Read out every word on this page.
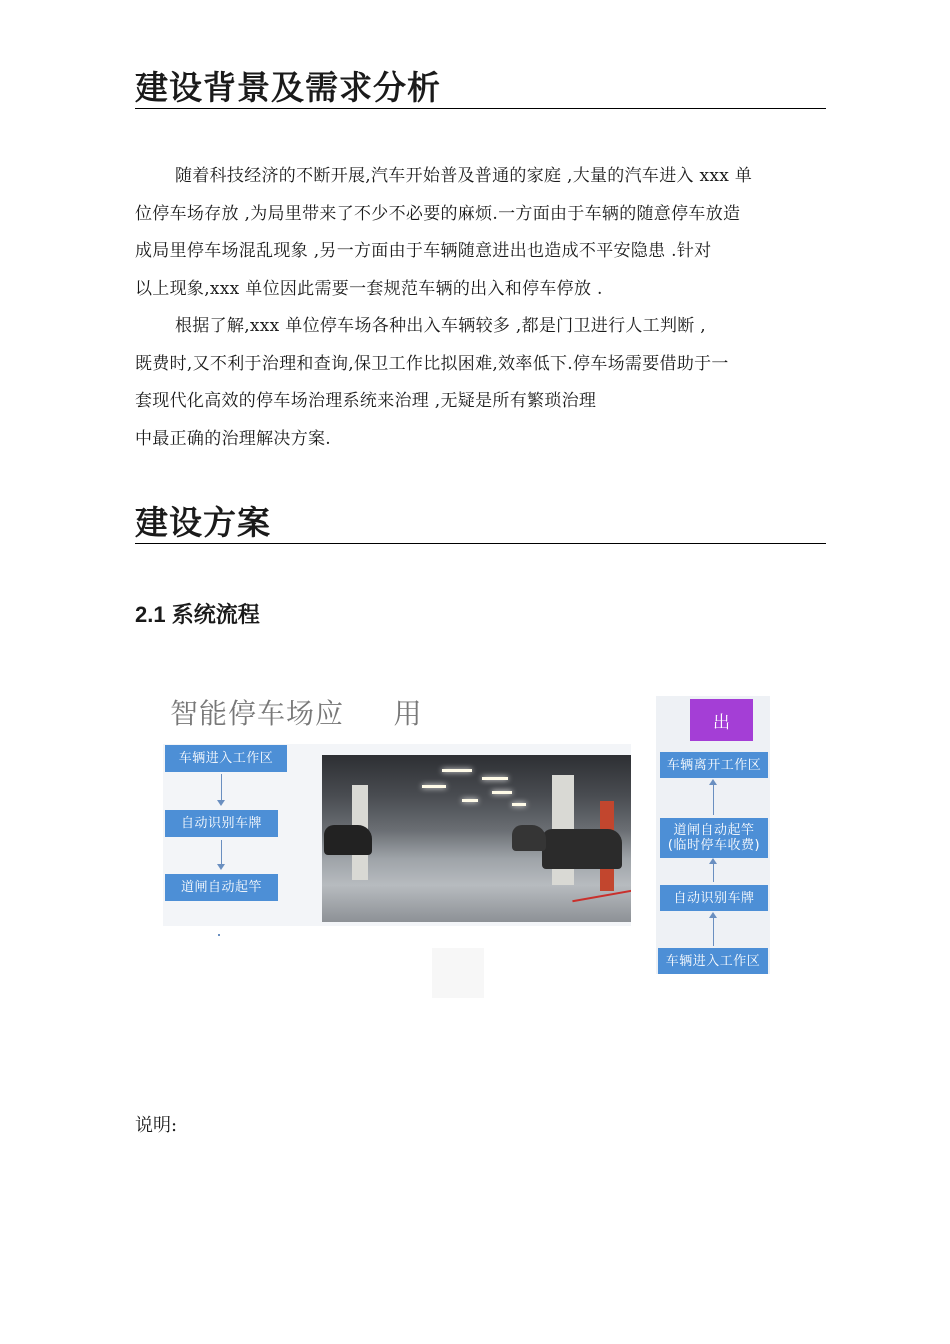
建设背景及需求分析
随着科技经济的不断开展,汽车开始普及普通的家庭 ,大量的汽车进入 xxx 单
位停车场存放 ,为局里带来了不少不必要的麻烦.一方面由于车辆的随意停车放造
成局里停车场混乱现象 ,另一方面由于车辆随意进出也造成不平安隐患 .针对
以上现象,xxx 单位因此需要一套规范车辆的出入和停车停放 .
根据了解,xxx 单位停车场各种出入车辆较多 ,都是门卫进行人工判断 ,
既费时,又不利于治理和查询,保卫工作比拟困难,效率低下.停车场需要借助于一
套现代化高效的停车场治理系统来治理 ,无疑是所有繁琐治理
中最正确的治理解决方案.
建设方案
2.1 系统流程
智能停车场应     用
车辆进入工作区
自动识别车牌
道闸自动起竿
出
车辆离开工作区
道闸自动起竿
(临时停车收费)
自动识别车牌
车辆进入工作区
说明:
